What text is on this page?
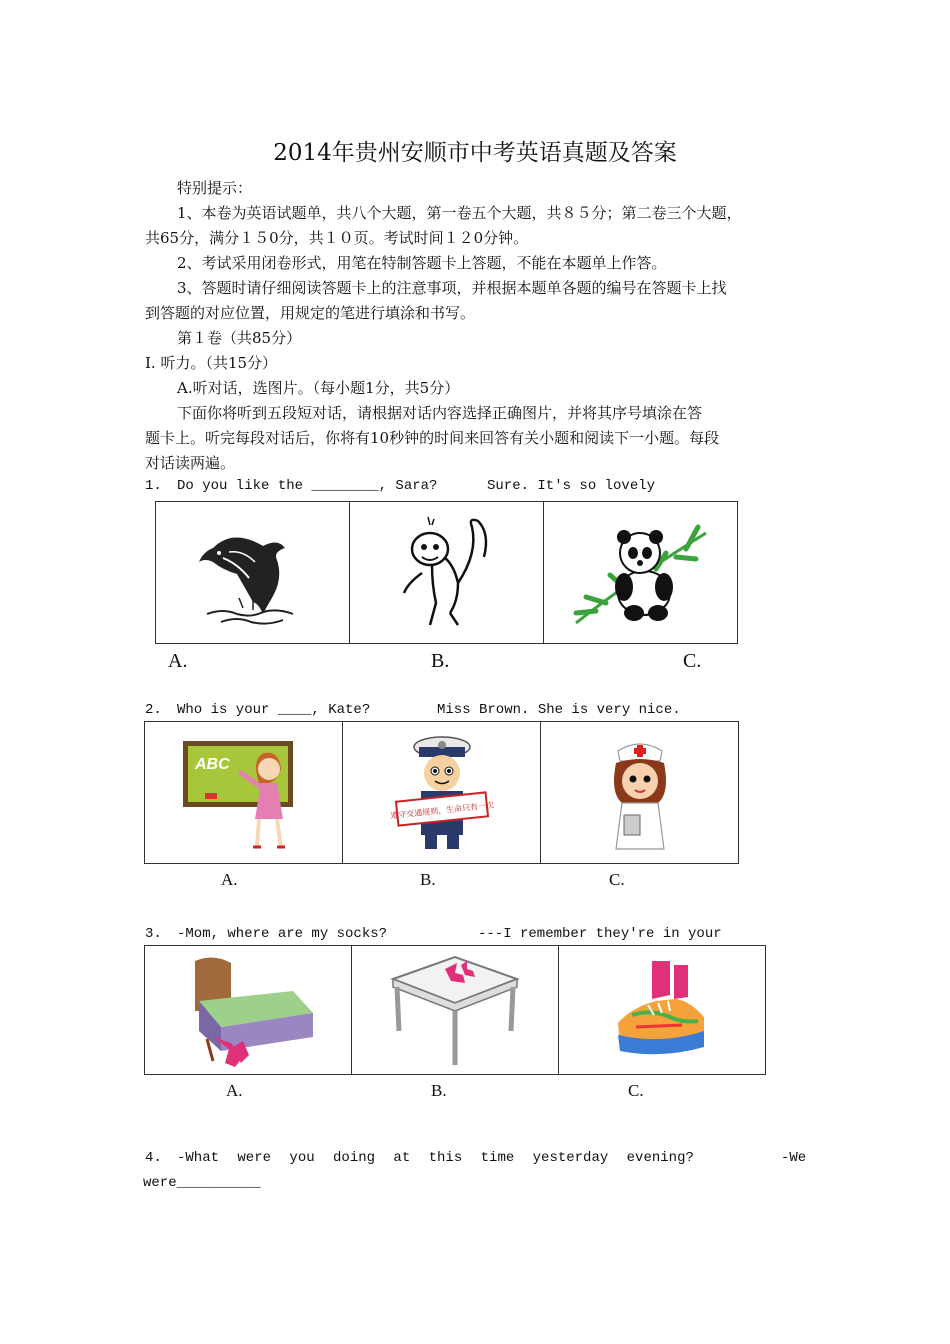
2014年贵州安顺市中考英语真题及答案
特别提示：
1、本卷为英语试题单，共八个大题，第一卷五个大题，共８５分；第二卷三个大题，
共65分，满分１５0分，共１０页。考试时间１２0分钟。
2、考试采用闭卷形式，用笔在特制答题卡上答题，不能在本题单上作答。
3、答题时请仔细阅读答题卡上的注意事项，并根据本题单各题的编号在答题卡上找
到答题的对应位置，用规定的笔进行填涂和书写。
第１卷（共85分）
I. 听力。（共15分）
A.听对话，选图片。（每小题1分，共5分）
下面你将听到五段短对话，请根据对话内容选择正确图片，并将其序号填涂在答
题卡上。听完每段对话后，你将有10秒钟的时间来回答有关小题和阅读下一小题。每段
对话读两遍。
1. Do you like the ________, Sara?	Sure. It's so lovely
A.	B.	C.
2. Who is your ____, Kate?	Miss Brown. She is very nice.
ABC
遵守交通规则，生命只有一次
A.	B.	C.
3. -Mom, where are my socks?	---I remember they're in your
A.	B.	C.
4. -What were you doing at this time yesterday evening?	-We
were__________
